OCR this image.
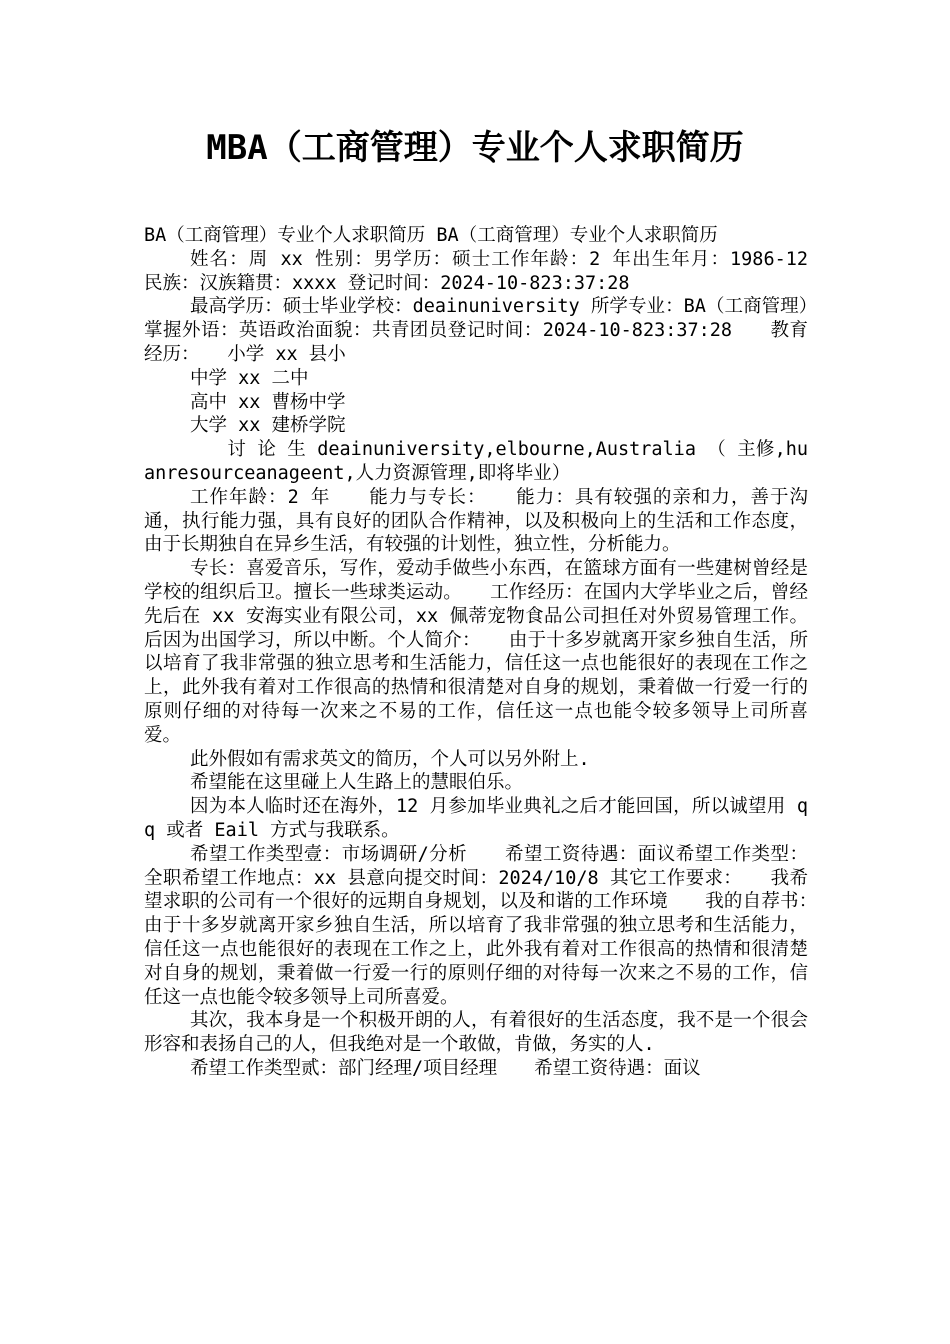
MBA（工商管理）专业个人求职简历

BA（工商管理）专业个人求职简历 BA（工商管理）专业个人求职简历

姓名：周 xx 性别：男学历：硕士工作年龄：2 年出生年月：1986-12 民族：汉族籍贯：xxxx 登记时间：2024-10-823:37:28

最高学历：硕士毕业学校：deainuniversity 所学专业：BA（工商管理）掌握外语：英语政治面貌：共青团员登记时间：2024-10-823:37:28　　教育经历：　　小学 xx 县小

中学 xx 二中

高中 xx 曹杨中学

大学 xx 建桥学院

　　讨 论 生 deainuniversity,elbourne,Australia （ 主修,huanresourceanageent,人力资源管理,即将毕业）

工作年龄：2 年　　能力与专长：　　能力：具有较强的亲和力，善于沟通，执行能力强，具有良好的团队合作精神，以及积极向上的生活和工作态度，由于长期独自在异乡生活，有较强的计划性，独立性，分析能力。

专长：喜爱音乐，写作，爱动手做些小东西，在篮球方面有一些建树曾经是学校的组织后卫。擅长一些球类运动。　　工作经历：在国内大学毕业之后，曾经先后在 xx 安海实业有限公司，xx 佩蒂宠物食品公司担任对外贸易管理工作。后因为出国学习，所以中断。个人简介：　　由于十多岁就离开家乡独自生活，所以培育了我非常强的独立思考和生活能力，信任这一点也能很好的表现在工作之上，此外我有着对工作很高的热情和很清楚对自身的规划，秉着做一行爱一行的原则仔细的对待每一次来之不易的工作，信任这一点也能令较多领导上司所喜爱。

此外假如有需求英文的简历，个人可以另外附上.

希望能在这里碰上人生路上的慧眼伯乐。

因为本人临时还在海外，12 月参加毕业典礼之后才能回国，所以诚望用 qq 或者 Eail 方式与我联系。

希望工作类型壹：市场调研/分析　　希望工资待遇：面议希望工作类型：全职希望工作地点：xx 县意向提交时间：2024/10/8 其它工作要求：　　我希望求职的公司有一个很好的远期自身规划，以及和谐的工作环境　　我的自荐书：　　由于十多岁就离开家乡独自生活，所以培育了我非常强的独立思考和生活能力，信任这一点也能很好的表现在工作之上，此外我有着对工作很高的热情和很清楚对自身的规划，秉着做一行爱一行的原则仔细的对待每一次来之不易的工作，信任这一点也能令较多领导上司所喜爱。

其次，我本身是一个积极开朗的人，有着很好的生活态度，我不是一个很会形容和表扬自己的人，但我绝对是一个敢做，肯做，务实的人.

希望工作类型贰：部门经理/项目经理　　希望工资待遇：面议
